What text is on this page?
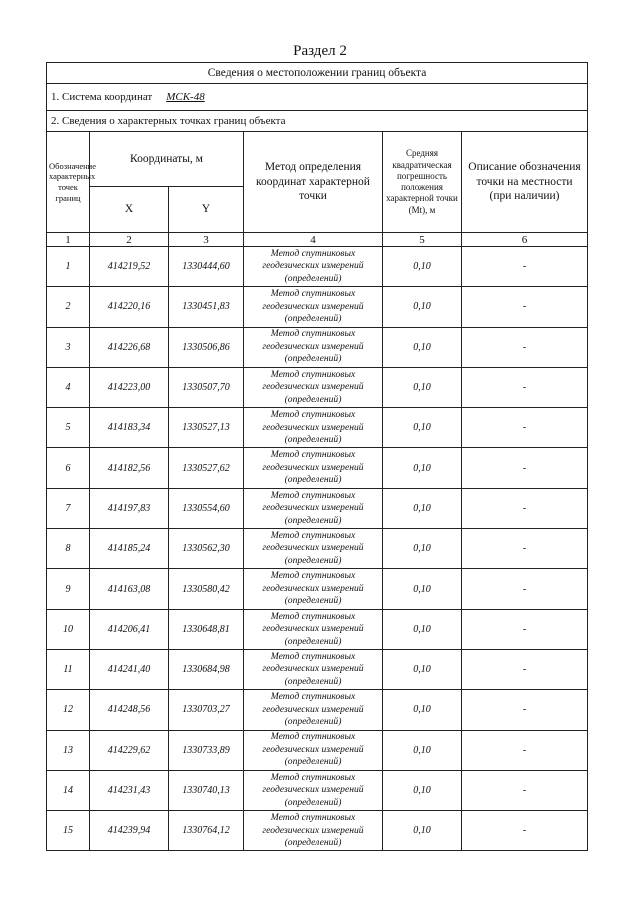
Раздел 2
Сведения о местоположении границ объекта					
1. Система координат МСК-48					
2. Сведения о характерных точках границ объекта					
Обозначение характерных точек границ	Координаты, м		Метод определения координат характерной точки	Средняя квадратическая погрешность положения характерной точки (Mt), м	Описание обозначения точки на местности (при наличии)
	X	Y			
1	2	3	4	5	6
1	414219,52	1330444,60	Метод спутниковых геодезических измерений (определений)	0,10	-
2	414220,16	1330451,83	Метод спутниковых геодезических измерений (определений)	0,10	-
3	414226,68	1330506,86	Метод спутниковых геодезических измерений (определений)	0,10	-
4	414223,00	1330507,70	Метод спутниковых геодезических измерений (определений)	0,10	-
5	414183,34	1330527,13	Метод спутниковых геодезических измерений (определений)	0,10	-
6	414182,56	1330527,62	Метод спутниковых геодезических измерений (определений)	0,10	-
7	414197,83	1330554,60	Метод спутниковых геодезических измерений (определений)	0,10	-
8	414185,24	1330562,30	Метод спутниковых геодезических измерений (определений)	0,10	-
9	414163,08	1330580,42	Метод спутниковых геодезических измерений (определений)	0,10	-
10	414206,41	1330648,81	Метод спутниковых геодезических измерений (определений)	0,10	-
11	414241,40	1330684,98	Метод спутниковых геодезических измерений (определений)	0,10	-
12	414248,56	1330703,27	Метод спутниковых геодезических измерений (определений)	0,10	-
13	414229,62	1330733,89	Метод спутниковых геодезических измерений (определений)	0,10	-
14	414231,43	1330740,13	Метод спутниковых геодезических измерений (определений)	0,10	-
15	414239,94	1330764,12	Метод спутниковых геодезических измерений (определений)	0,10	-
